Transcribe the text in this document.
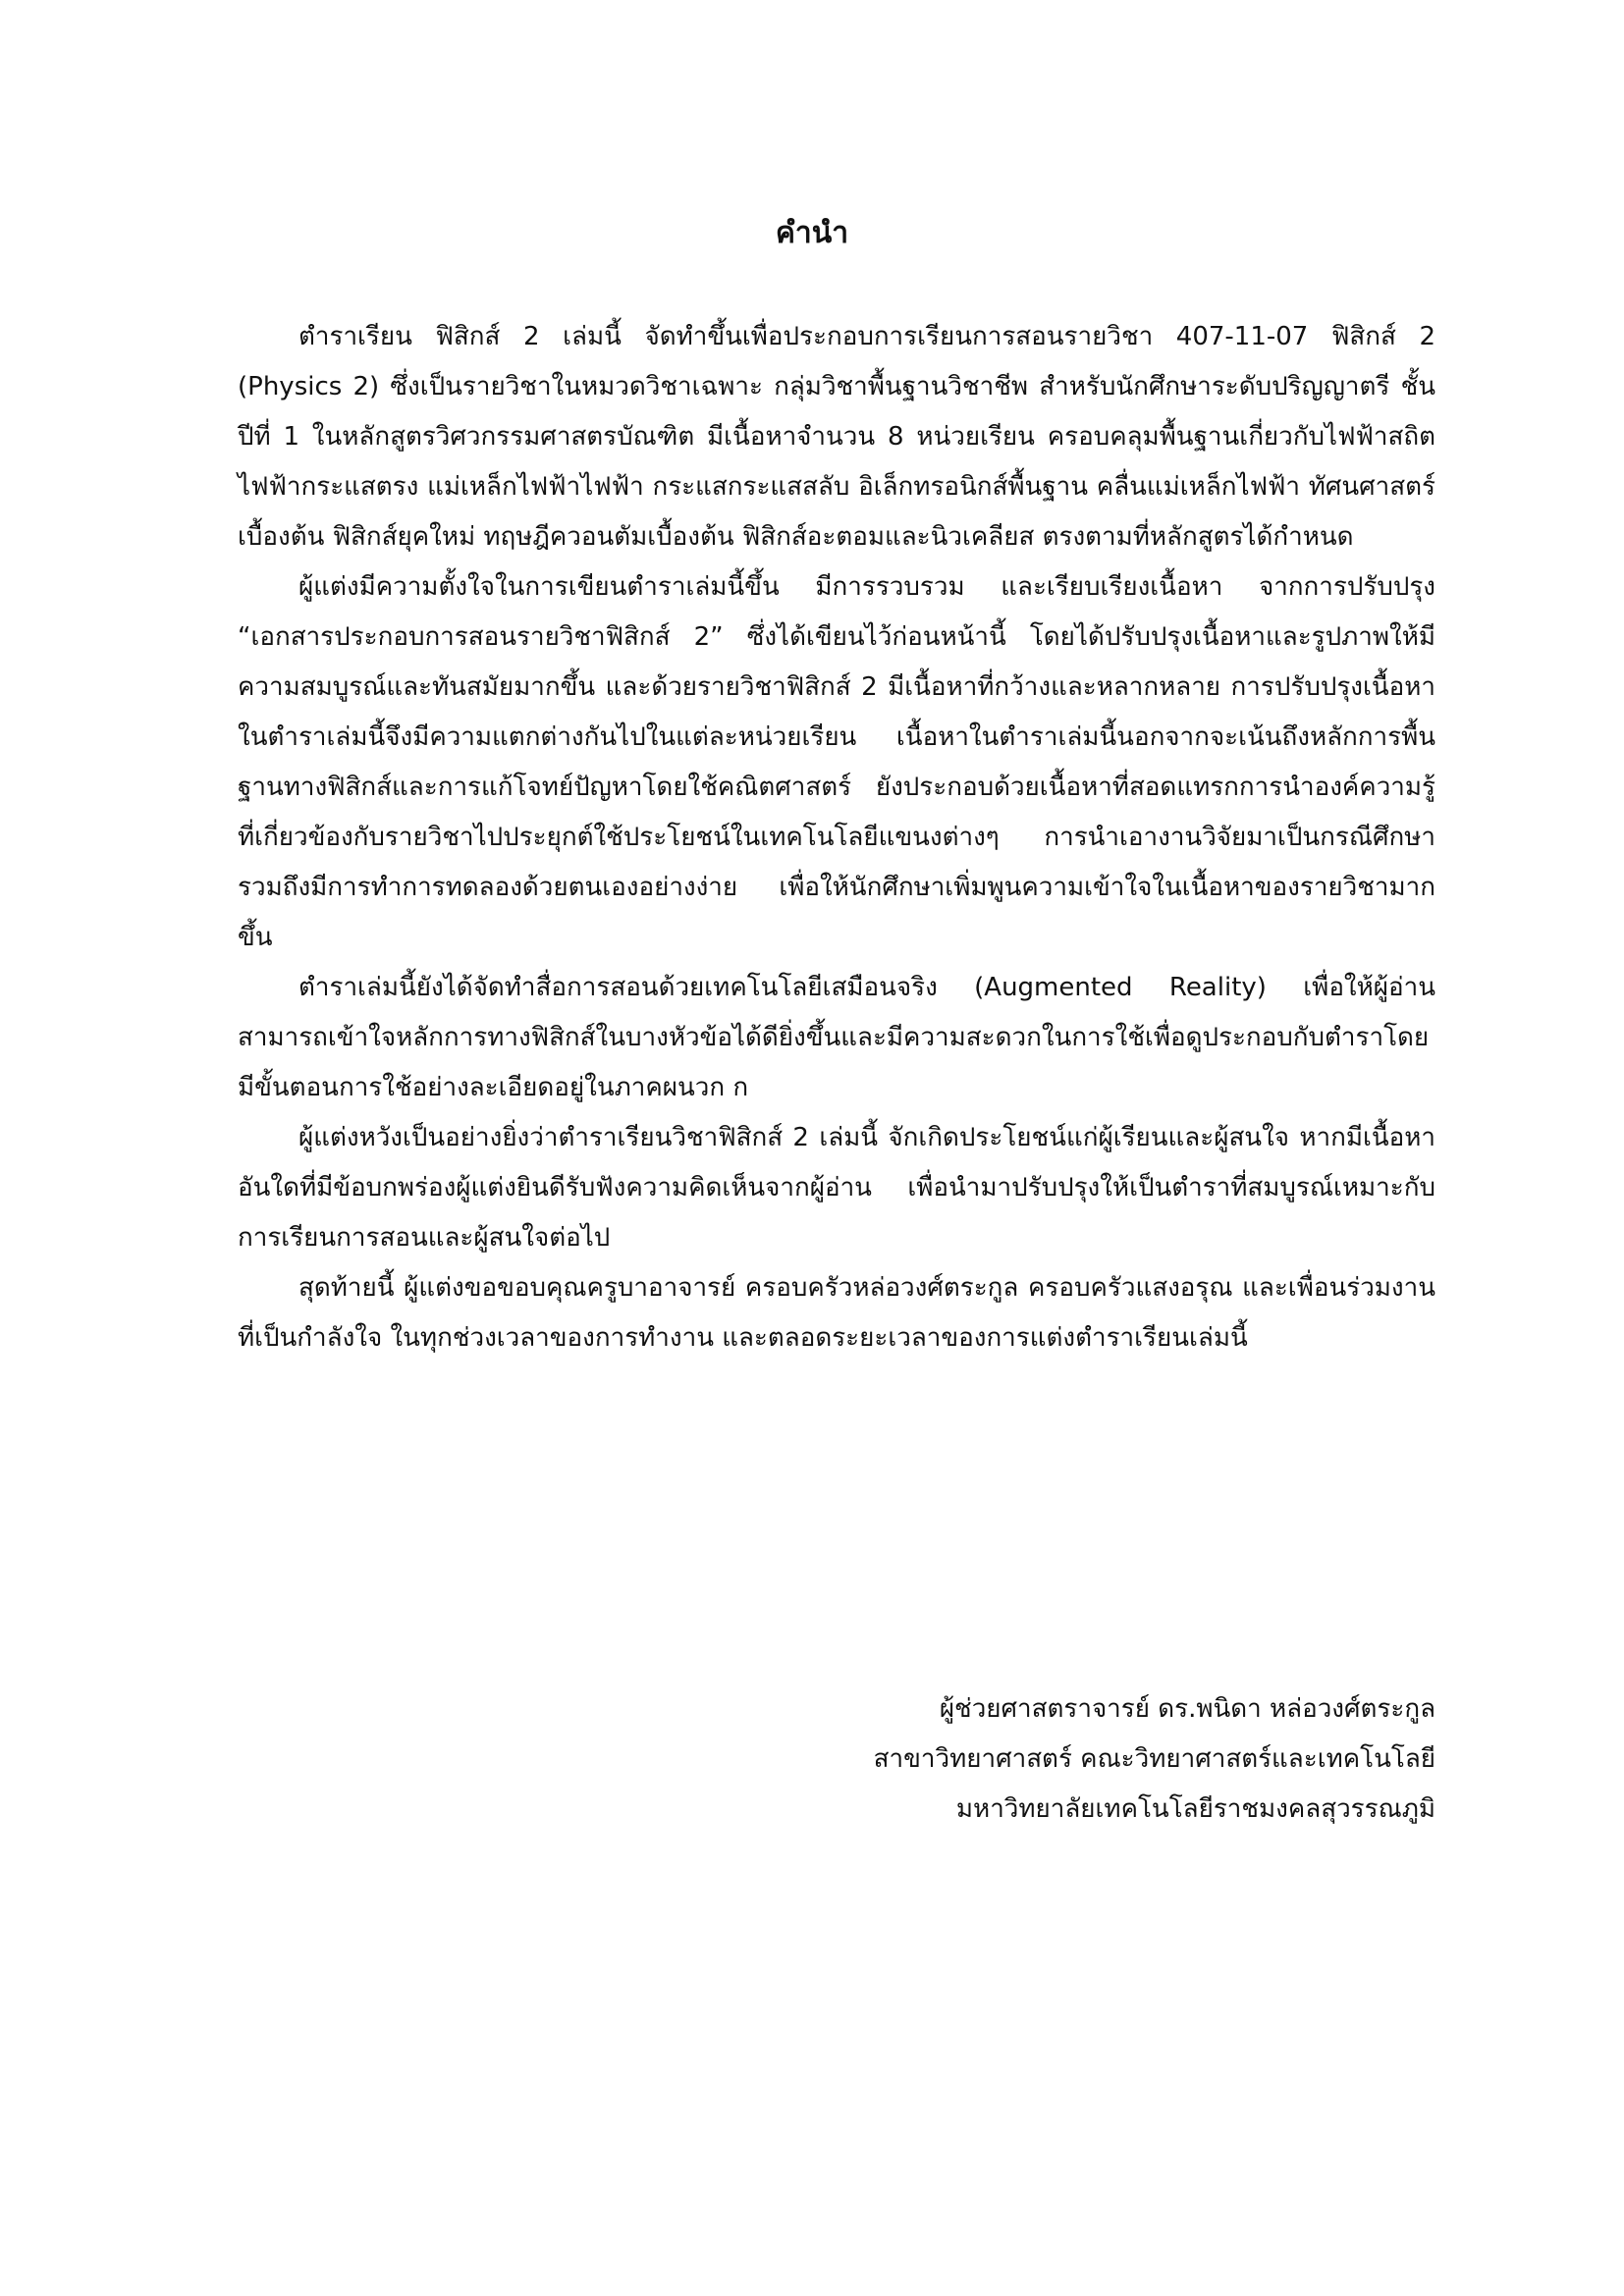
คำนำ

ตำราเรียน ฟิสิกส์ 2 เล่มนี้ จัดทำขึ้นเพื่อประกอบการเรียนการสอนรายวิชา 407-11-07 ฟิสิกส์ 2 (Physics 2) ซึ่งเป็นรายวิชาในหมวดวิชาเฉพาะ กลุ่มวิชาพื้นฐานวิชาชีพ สำหรับนักศึกษาระดับปริญญาตรี ชั้นปีที่ 1 ในหลักสูตรวิศวกรรมศาสตรบัณฑิต มีเนื้อหาจำนวน 8 หน่วยเรียน ครอบคลุมพื้นฐานเกี่ยวกับไฟฟ้าสถิต ไฟฟ้ากระแสตรง แม่เหล็กไฟฟ้าไฟฟ้า กระแสกระแสสลับ อิเล็กทรอนิกส์พื้นฐาน คลื่นแม่เหล็กไฟฟ้า ทัศนศาสตร์เบื้องต้น ฟิสิกส์ยุคใหม่ ทฤษฎีควอนตัมเบื้องต้น ฟิสิกส์อะตอมและนิวเคลียส ตรงตามที่หลักสูตรได้กำหนด

ผู้แต่งมีความตั้งใจในการเขียนตำราเล่มนี้ขึ้น มีการรวบรวม และเรียบเรียงเนื้อหา จากการปรับปรุง “เอกสารประกอบการสอนรายวิชาฟิสิกส์ 2” ซึ่งได้เขียนไว้ก่อนหน้านี้ โดยได้ปรับปรุงเนื้อหาและรูปภาพให้มีความสมบูรณ์และทันสมัยมากขึ้น และด้วยรายวิชาฟิสิกส์ 2 มีเนื้อหาที่กว้างและหลากหลาย การปรับปรุงเนื้อหาในตำราเล่มนี้จึงมีความแตกต่างกันไปในแต่ละหน่วยเรียน เนื้อหาในตำราเล่มนี้นอกจากจะเน้นถึงหลักการพื้นฐานทางฟิสิกส์และการแก้โจทย์ปัญหาโดยใช้คณิตศาสตร์ ยังประกอบด้วยเนื้อหาที่สอดแทรกการนำองค์ความรู้ที่เกี่ยวข้องกับรายวิชาไปประยุกต์ใช้ประโยชน์ในเทคโนโลยีแขนงต่างๆ การนำเอางานวิจัยมาเป็นกรณีศึกษา รวมถึงมีการทำการทดลองด้วยตนเองอย่างง่าย เพื่อให้นักศึกษาเพิ่มพูนความเข้าใจในเนื้อหาของรายวิชามากขึ้น

ตำราเล่มนี้ยังได้จัดทำสื่อการสอนด้วยเทคโนโลยีเสมือนจริง (Augmented Reality) เพื่อให้ผู้อ่านสามารถเข้าใจหลักการทางฟิสิกส์ในบางหัวข้อได้ดียิ่งขึ้นและมีความสะดวกในการใช้เพื่อดูประกอบกับตำราโดยมีขั้นตอนการใช้อย่างละเอียดอยู่ในภาคผนวก ก

ผู้แต่งหวังเป็นอย่างยิ่งว่าตำราเรียนวิชาฟิสิกส์ 2 เล่มนี้ จักเกิดประโยชน์แก่ผู้เรียนและผู้สนใจ หากมีเนื้อหาอันใดที่มีข้อบกพร่องผู้แต่งยินดีรับฟังความคิดเห็นจากผู้อ่าน เพื่อนำมาปรับปรุงให้เป็นตำราที่สมบูรณ์เหมาะกับการเรียนการสอนและผู้สนใจต่อไป

สุดท้ายนี้ ผู้แต่งขอขอบคุณครูบาอาจารย์ ครอบครัวหล่อวงศ์ตระกูล ครอบครัวแสงอรุณ และเพื่อนร่วมงาน ที่เป็นกำลังใจ ในทุกช่วงเวลาของการทำงาน และตลอดระยะเวลาของการแต่งตำราเรียนเล่มนี้

ผู้ช่วยศาสตราจารย์ ดร.พนิดา หล่อวงศ์ตระกูล
สาขาวิทยาศาสตร์ คณะวิทยาศาสตร์และเทคโนโลยี
มหาวิทยาลัยเทคโนโลยีราชมงคลสุวรรณภูมิ
